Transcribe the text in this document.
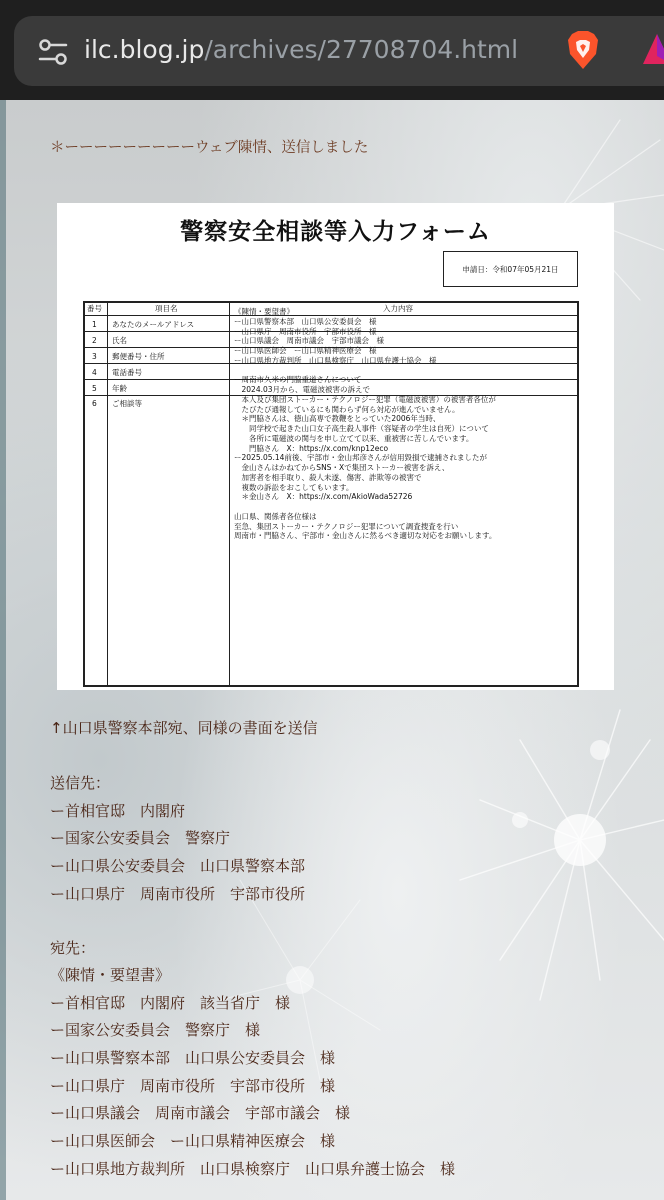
ilc.blog.jp/archives/27708704.html
＊ーーーーーーーーーウェブ陳情、送信しました
警察安全相談等入力フォーム
申請日：令和07年05月21日
番号	項目名	入力内容
1 あなたのメールアドレス
2 氏名
3 郵便番号・住所
4 電話番号
5 年齢
6 ご相談等
《陳情・要望書》
ー山口県警察本部　山口県公安委員会　様
ー山口県庁　周南市役所　宇部市役所　様
ー山口県議会　周南市議会　宇部市議会　様
ー山口県医師会　ー山口県精神医療会　様
ー山口県地方裁判所　山口県検察庁　山口県弁護士協会　様
ー周南市久米の門脇重道さんについて
　2024.03月から、電磁波被害の訴えで
　本人及び集団ストーカー・テクノロジー犯罪（電磁波被害）の被害者各位が
　たびたび通報しているにも関わらず何ら対応が進んでいません。
　＊門脇さんは、徳山高専で教鞭をとっていた2006年当時、
　　同学校で起きた山口女子高生殺人事件（容疑者の学生は自死）について
　　各所に電磁波の関与を申し立てて以来、重被害に苦しんでいます。
　　門脇さん　X：https://x.com/knp12eco
ー2025.05.14前後、宇部市・金山邦彦さんが信用毀損で逮捕されましたが
　金山さんはかねてからSNS・Xで集団ストーカー被害を訴え、
　加害者を相手取り、殺人未遂、傷害、詐欺等の被害で
　複数の訴訟をおこしてもいます。
　＊金山さん　X：https://x.com/AkioWada52726
山口県、関係者各位様は
至急、集団ストーカー・テクノロジー犯罪について調査捜査を行い
周南市・門脇さん、宇部市・金山さんに然るべき適切な対応をお願いします。
↑山口県警察本部宛、同様の書面を送信
送信先：
ー首相官邸　内閣府
ー国家公安委員会　警察庁
ー山口県公安委員会　山口県警察本部
ー山口県庁　周南市役所　宇部市役所
宛先：
《陳情・要望書》
ー首相官邸　内閣府　該当省庁　様
ー国家公安委員会　警察庁　様
ー山口県警察本部　山口県公安委員会　様
ー山口県庁　周南市役所　宇部市役所　様
ー山口県議会　周南市議会　宇部市議会　様
ー山口県医師会　ー山口県精神医療会　様
ー山口県地方裁判所　山口県検察庁　山口県弁護士協会　様
